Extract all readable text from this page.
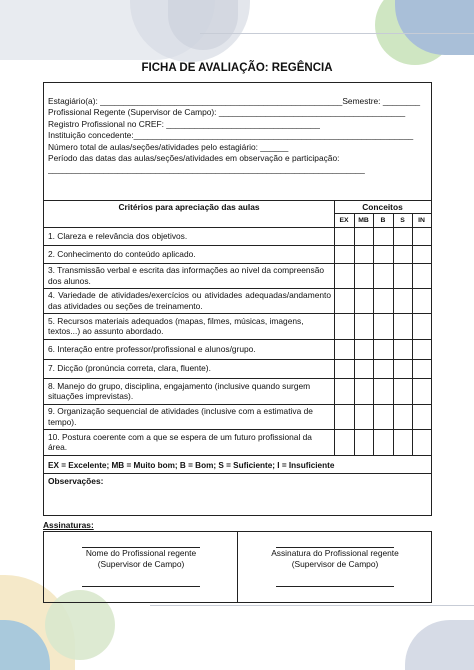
FICHA DE AVALIAÇÃO: REGÊNCIA
Estagiário(a): ____________________________________________________Semestre: ________
Profissional Regente (Supervisor de Campo): ________________________________________
Registro Profissional no CREF: _________________________________
Instituição concedente:____________________________________________________________
Número total de aulas/seções/atividades pelo estagiário: ______
Período das datas das aulas/seções/atividades em observação e participação:
____________________________________________________________________
Critérios para apreciação das aulas	Conceitos
EX	MB	B	S	IN
1. Clareza e relevância dos objetivos.
2. Conhecimento do conteúdo aplicado.
3. Transmissão verbal e escrita das informações ao nível da compreensão dos alunos.
4. Variedade de atividades/exercícios ou atividades adequadas/andamento das atividades ou seções de treinamento.
5. Recursos materiais adequados (mapas, filmes, músicas, imagens, textos...) ao assunto abordado.
6. Interação entre professor/profissional e alunos/grupo.
7. Dicção (pronúncia correta, clara, fluente).
8. Manejo do grupo, disciplina, engajamento (inclusive quando surgem situações imprevistas).
9. Organização sequencial de atividades (inclusive com a estimativa de tempo).
10. Postura coerente com a que se espera de um futuro profissional da área.
EX = Excelente; MB = Muito bom; B = Bom; S = Suficiente; I = Insuficiente
Observações:
Assinaturas:
Nome do Profissional regente
(Supervisor de Campo)
Assinatura do Profissional regente
(Supervisor de Campo)
